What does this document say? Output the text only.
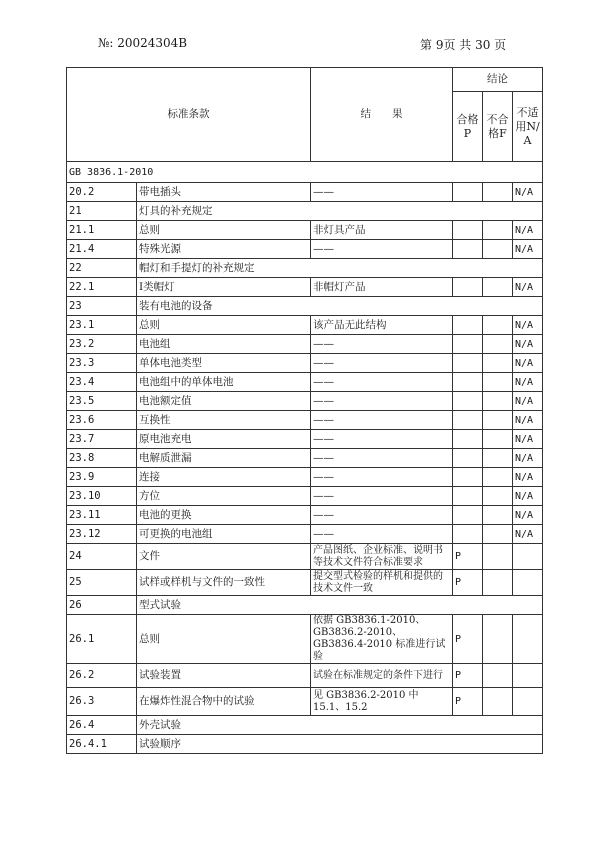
№: 20024304B	第 9页 共 30 页
标准条款		结　　果	结论		
			合格P	不合格F	不适用N/A
GB 3836.1-2010					
20.2	带电插头	——			N/A
21	灯具的补充规定				
21.1	总则	非灯具产品			N/A
21.4	特殊光源	——			N/A
22	帽灯和手提灯的补充规定				
22.1	Ⅰ类帽灯	非帽灯产品			N/A
23	装有电池的设备				
23.1	总则	该产品无此结构			N/A
23.2	电池组	——			N/A
23.3	单体电池类型	——			N/A
23.4	电池组中的单体电池	——			N/A
23.5	电池额定值	——			N/A
23.6	互换性	——			N/A
23.7	原电池充电	——			N/A
23.8	电解质泄漏	——			N/A
23.9	连接	——			N/A
23.10	方位	——			N/A
23.11	电池的更换	——			N/A
23.12	可更换的电池组	——			N/A
24	文件	产品图纸、企业标准、说明书等技术文件符合标准要求	P		
25	试样或样机与文件的一致性	提交型式检验的样机和提供的技术文件一致	P		
26	型式试验				
26.1	总则	依据 GB3836.1-2010、GB3836.2-2010、GB3836.4-2010 标准进行试验	P		
26.2	试验装置	试验在标准规定的条件下进行	P		
26.3	在爆炸性混合物中的试验	见 GB3836.2-2010 中 15.1、15.2	P		
26.4	外壳试验				
26.4.1	试验顺序				
